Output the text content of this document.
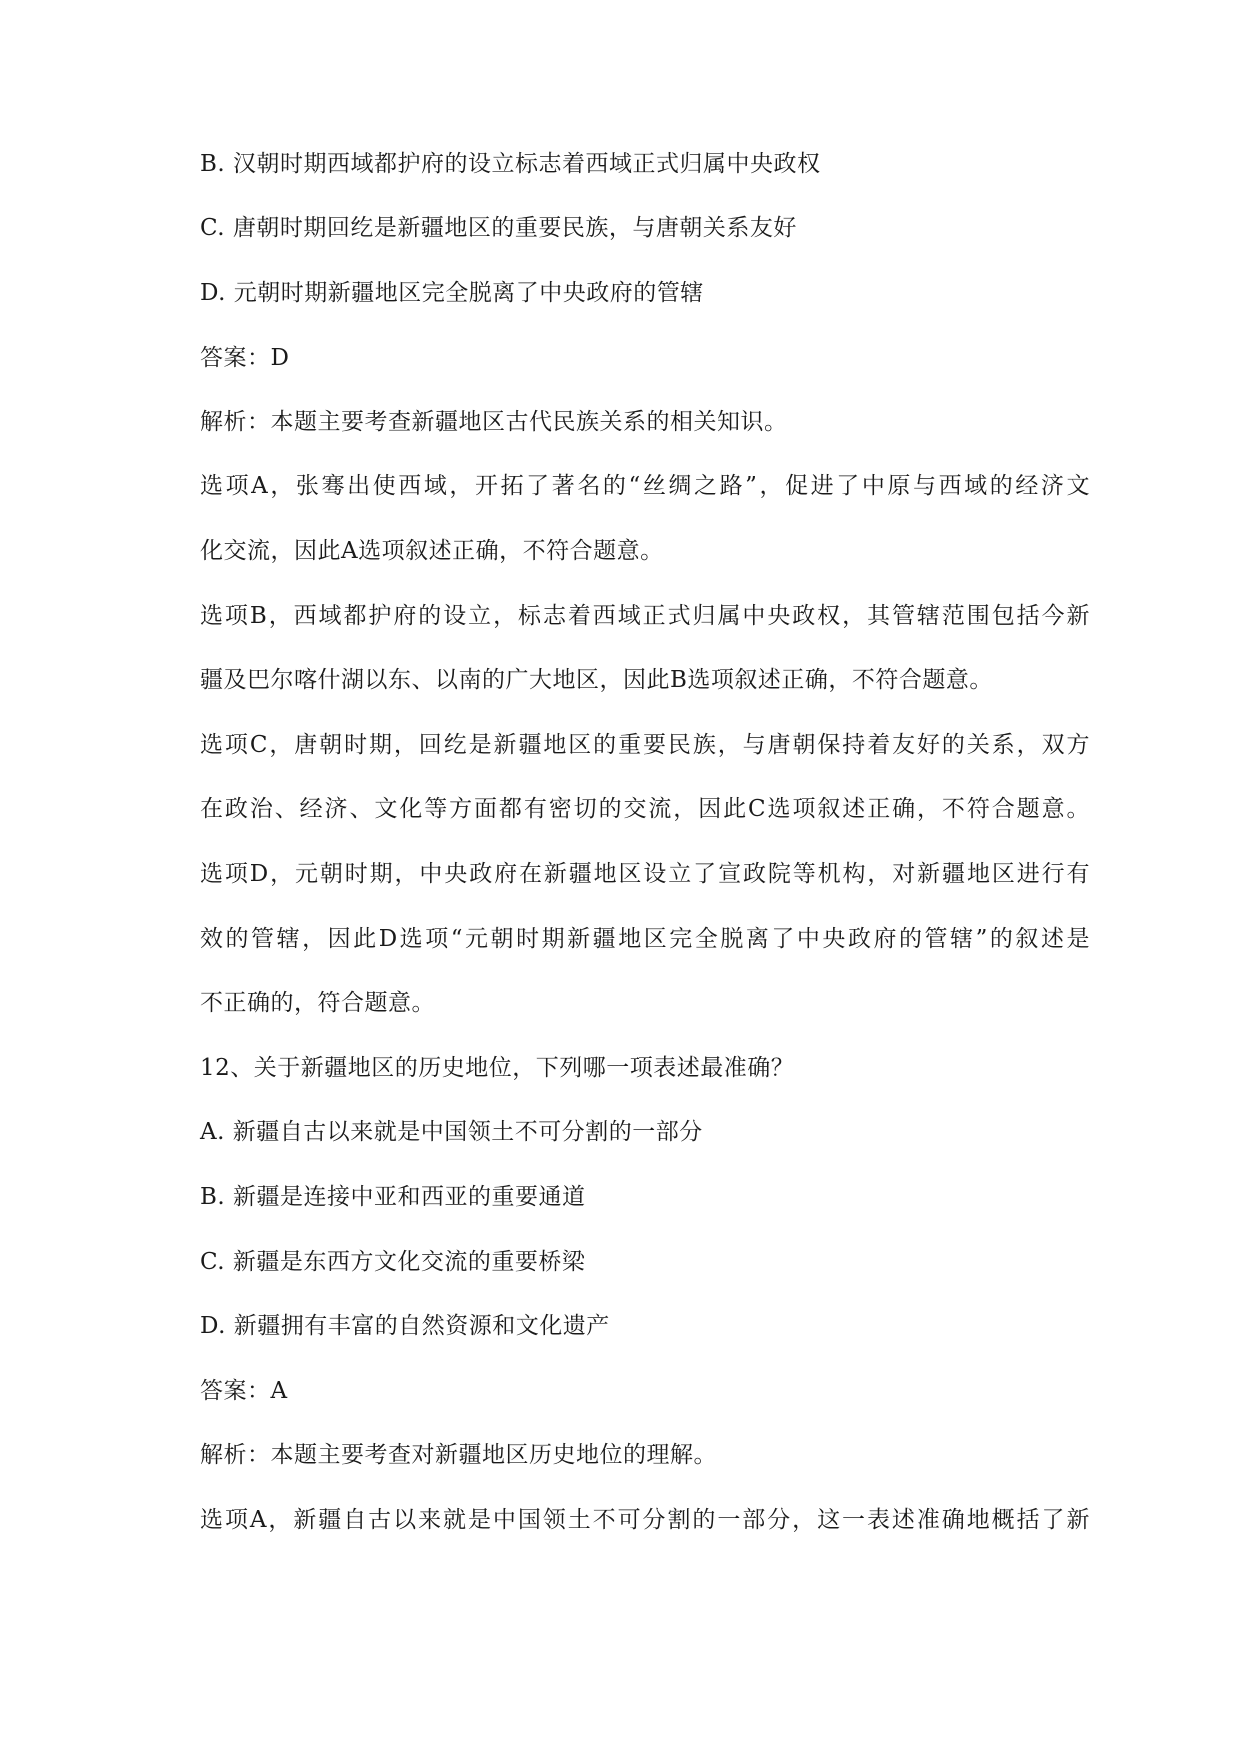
B. 汉朝时期西域都护府的设立标志着西域正式归属中央政权
C. 唐朝时期回纥是新疆地区的重要民族，与唐朝关系友好
D. 元朝时期新疆地区完全脱离了中央政府的管辖
答案：D
解析：本题主要考查新疆地区古代民族关系的相关知识。
选项A，张骞出使西域，开拓了著名的“丝绸之路”，促进了中原与西域的经济文
化交流，因此A选项叙述正确，不符合题意。
选项B，西域都护府的设立，标志着西域正式归属中央政权，其管辖范围包括今新
疆及巴尔喀什湖以东、以南的广大地区，因此B选项叙述正确，不符合题意。
选项C，唐朝时期，回纥是新疆地区的重要民族，与唐朝保持着友好的关系，双方
在政治、经济、文化等方面都有密切的交流，因此C选项叙述正确，不符合题意。
选项D，元朝时期，中央政府在新疆地区设立了宣政院等机构，对新疆地区进行有
效的管辖，因此D选项“元朝时期新疆地区完全脱离了中央政府的管辖”的叙述是
不正确的，符合题意。
12、关于新疆地区的历史地位，下列哪一项表述最准确？
A. 新疆自古以来就是中国领土不可分割的一部分
B. 新疆是连接中亚和西亚的重要通道
C. 新疆是东西方文化交流的重要桥梁
D. 新疆拥有丰富的自然资源和文化遗产
答案：A
解析：本题主要考查对新疆地区历史地位的理解。
选项A，新疆自古以来就是中国领土不可分割的一部分，这一表述准确地概括了新
